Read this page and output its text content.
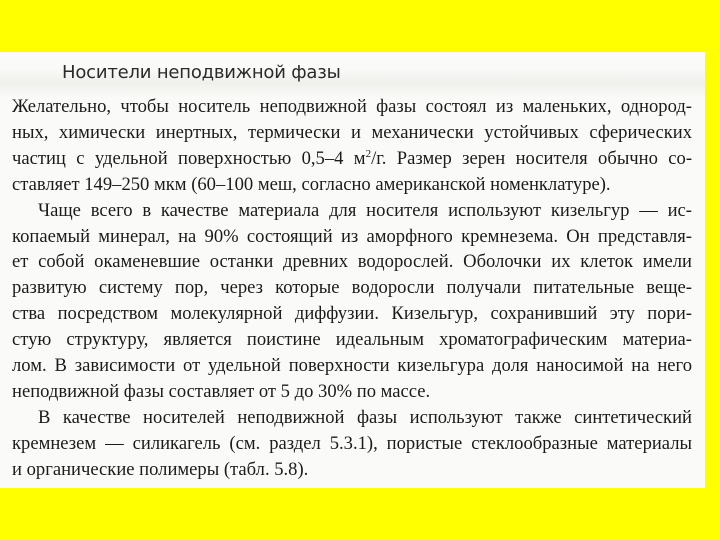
Носители неподвижной фазы
Желательно, чтобы носитель неподвижной фазы состоял из маленьких, однород-
ных, химически инертных, термически и механически устойчивых сферических
частиц с удельной поверхностью 0,5–4 $м^2/г$. Размер зерен носителя обычно со-
ставляет 149–250 мкм (60–100 меш, согласно американской номенклатуре).
Чаще всего в качестве материала для носителя используют кизельгур — ис-
копаемый минерал, на 90% состоящий из аморфного кремнезема. Он представля-
ет собой окаменевшие останки древних водорослей. Оболочки их клеток имели
развитую систему пор, через которые водоросли получали питательные веще-
ства посредством молекулярной диффузии. Кизельгур, сохранивший эту пори-
стую структуру, является поистине идеальным хроматографическим материа-
лом. В зависимости от удельной поверхности кизельгура доля наносимой на него
неподвижной фазы составляет от 5 до 30% по массе.
В качестве носителей неподвижной фазы используют также синтетический
кремнезем — силикагель (см. раздел 5.3.1), пористые стеклообразные материалы
и органические полимеры (табл. 5.8).
